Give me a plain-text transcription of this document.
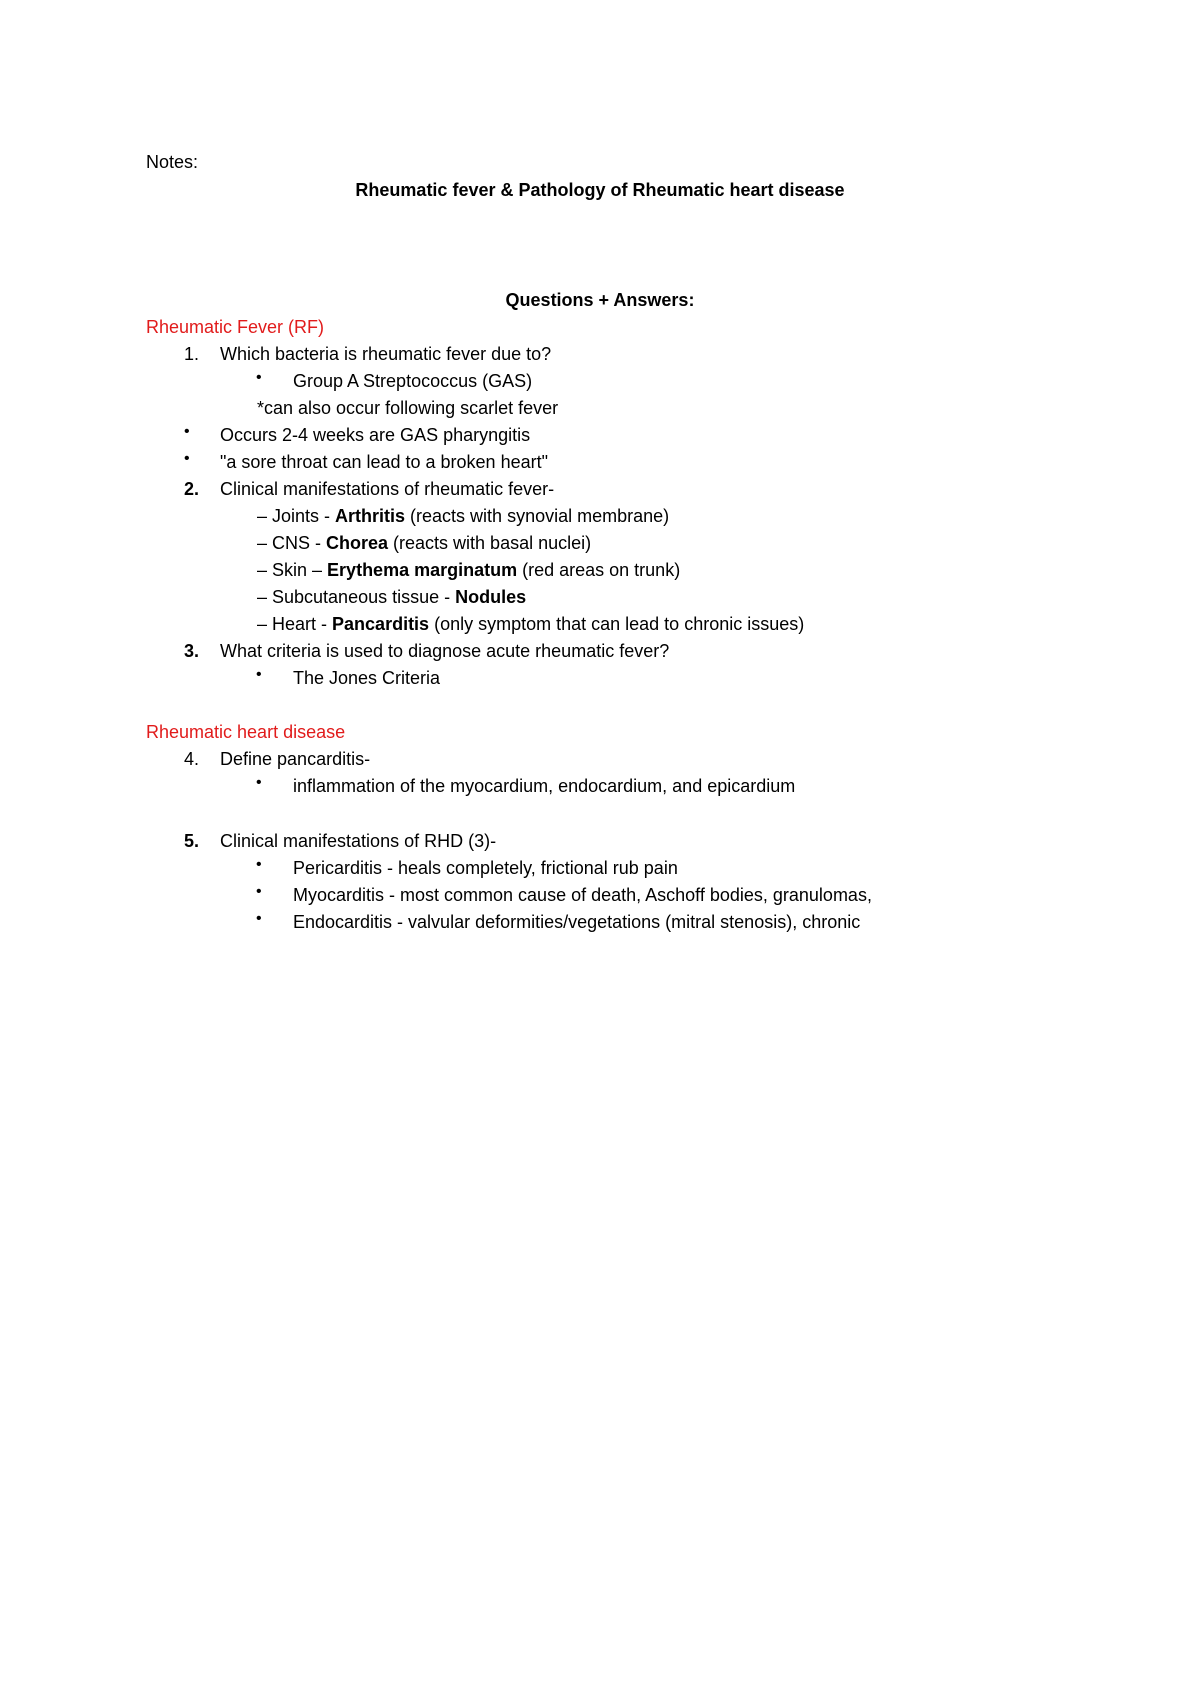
Notes:
Rheumatic fever & Pathology of Rheumatic heart disease
Questions + Answers:
Rheumatic Fever (RF)
1. Which bacteria is rheumatic fever due to?
• Group A Streptococcus (GAS)
*can also occur following scarlet fever
• Occurs 2-4 weeks are GAS pharyngitis
• "a sore throat can lead to a broken heart"
2. Clinical manifestations of rheumatic fever-
– Joints - Arthritis (reacts with synovial membrane)
– CNS - Chorea (reacts with basal nuclei)
– Skin – Erythema marginatum (red areas on trunk)
– Subcutaneous tissue - Nodules
– Heart - Pancarditis (only symptom that can lead to chronic issues)
3. What criteria is used to diagnose acute rheumatic fever?
• The Jones Criteria
Rheumatic heart disease
4. Define pancarditis-
• inflammation of the myocardium, endocardium, and epicardium
5. Clinical manifestations of RHD (3)-
• Pericarditis - heals completely, frictional rub pain
• Myocarditis - most common cause of death, Aschoff bodies, granulomas,
• Endocarditis - valvular deformities/vegetations (mitral stenosis), chronic
